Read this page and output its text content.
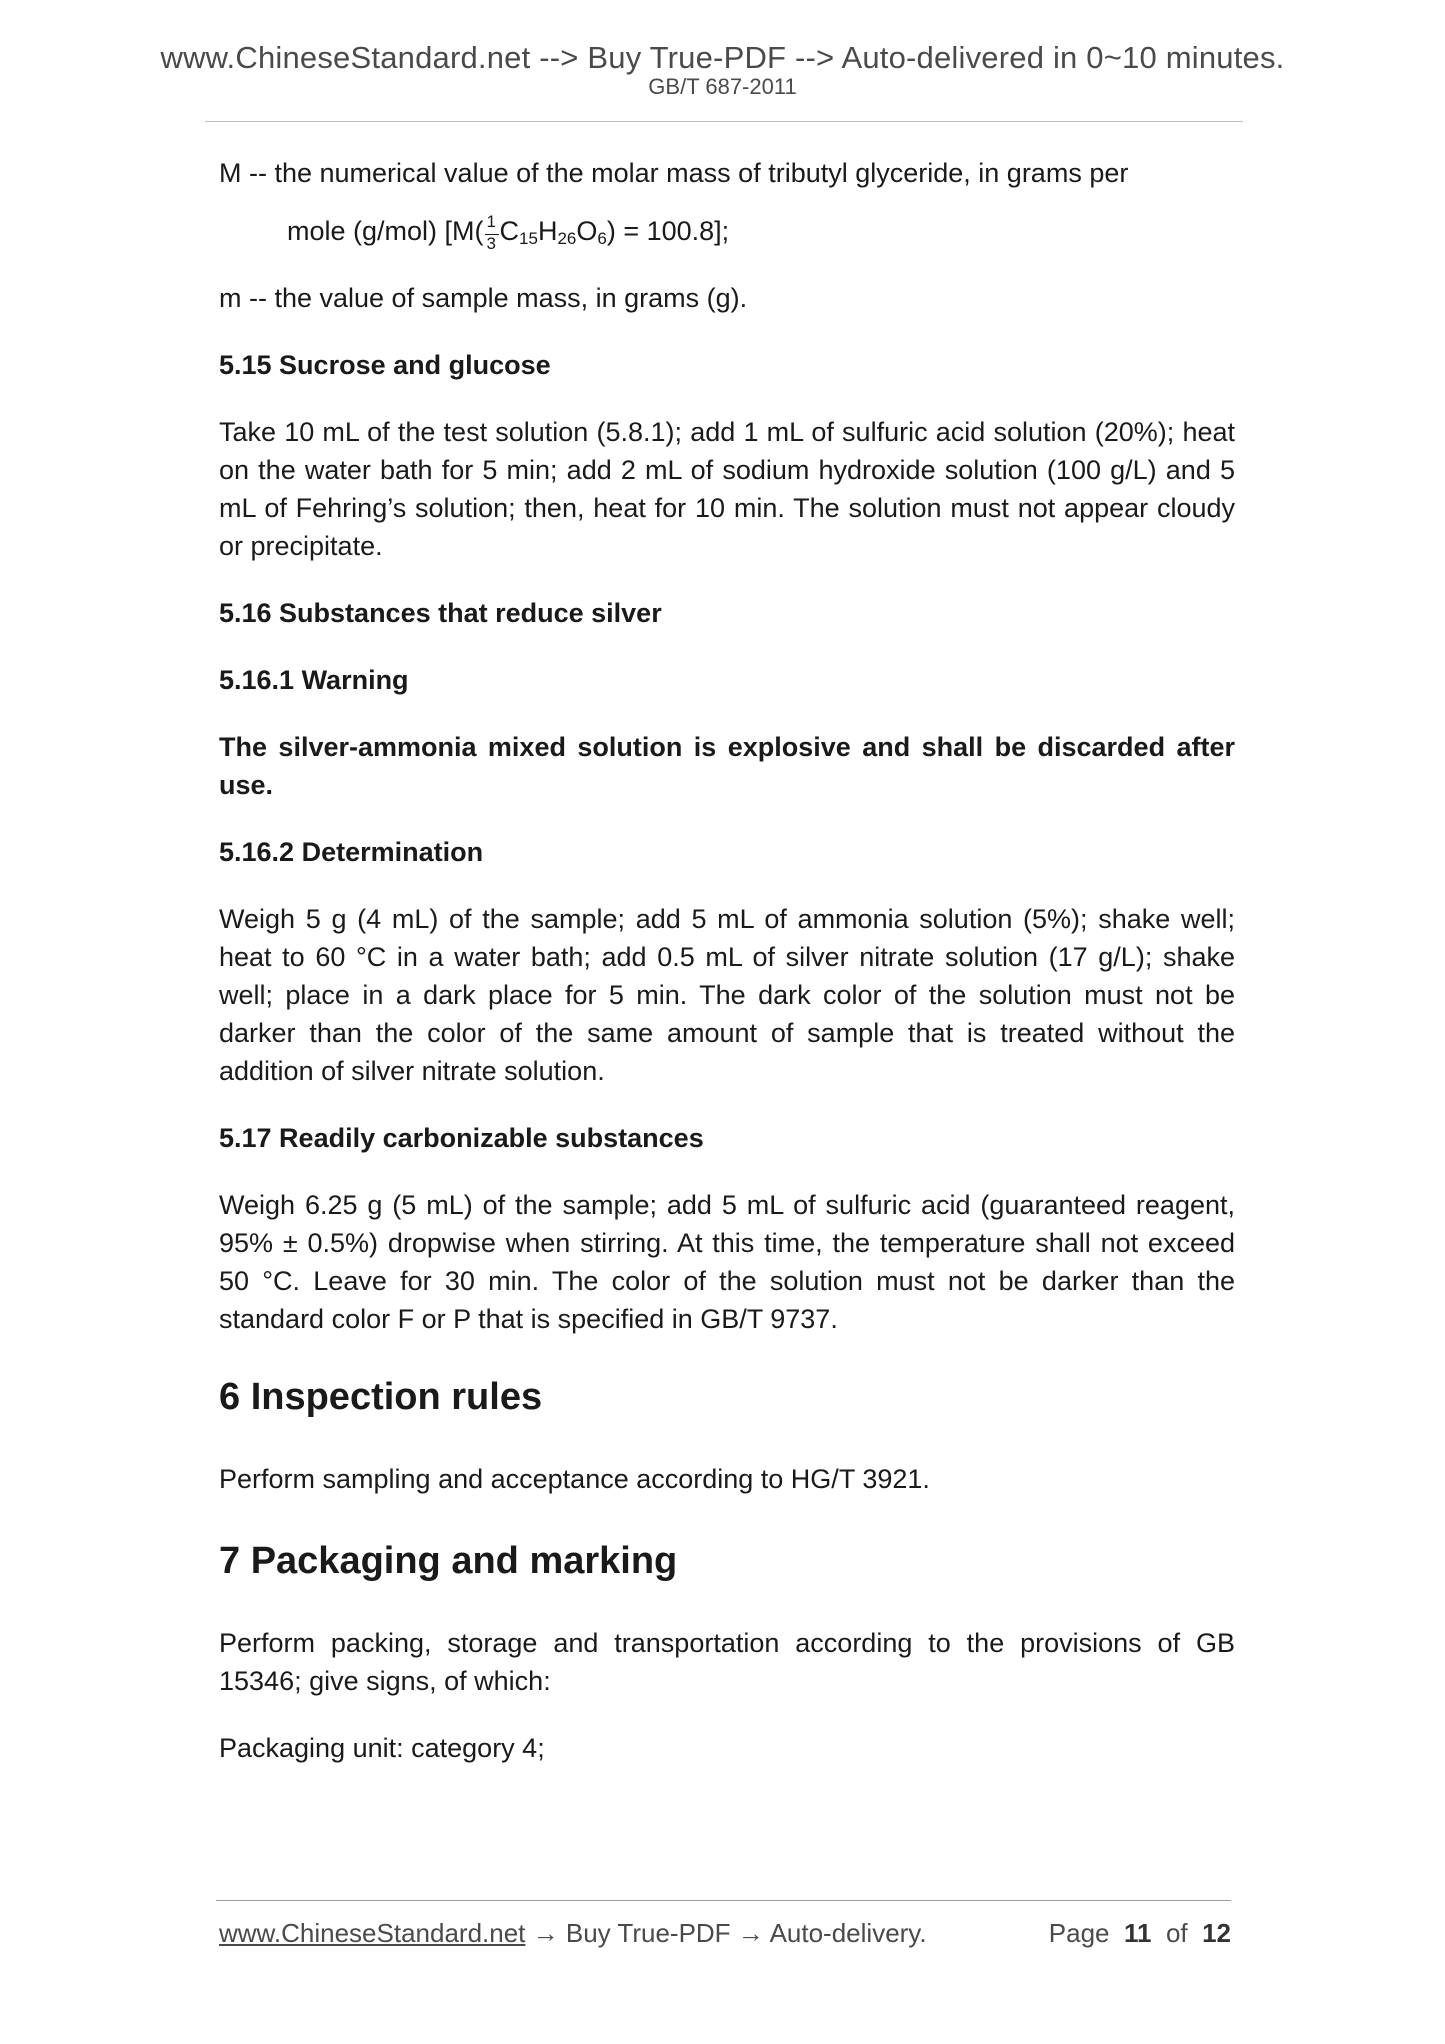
www.ChineseStandard.net --> Buy True-PDF --> Auto-delivered in 0~10 minutes.
GB/T 687-2011

M -- the numerical value of the molar mass of tributyl glyceride, in grams per

mole (g/mol) $[M( \frac{1}{3} C_{15}H_{26}O_6) = 100.8]$;

m -- the value of sample mass, in grams (g).

5.15 Sucrose and glucose

Take 10 mL of the test solution (5.8.1); add 1 mL of sulfuric acid solution (20%); heat on the water bath for 5 min; add 2 mL of sodium hydroxide solution (100 g/L) and 5 mL of Fehring’s solution; then, heat for 10 min. The solution must not appear cloudy or precipitate.

5.16 Substances that reduce silver
5.16.1 Warning

The silver-ammonia mixed solution is explosive and shall be discarded after use.

5.16.2 Determination

Weigh 5 g (4 mL) of the sample; add 5 mL of ammonia solution (5%); shake well; heat to 60 °C in a water bath; add 0.5 mL of silver nitrate solution (17 g/L); shake well; place in a dark place for 5 min. The dark color of the solution must not be darker than the color of the same amount of sample that is treated without the addition of silver nitrate solution.

5.17 Readily carbonizable substances

Weigh 6.25 g (5 mL) of the sample; add 5 mL of sulfuric acid (guaranteed reagent, 95% ± 0.5%) dropwise when stirring. At this time, the temperature shall not exceed 50 °C. Leave for 30 min. The color of the solution must not be darker than the standard color F or P that is specified in GB/T 9737.

6 Inspection rules

Perform sampling and acceptance according to HG/T 3921.

7 Packaging and marking

Perform packing, storage and transportation according to the provisions of GB 15346; give signs, of which:

Packaging unit: category 4;

www.ChineseStandard.net → Buy True-PDF → Auto-delivery.	Page 11 of 12
